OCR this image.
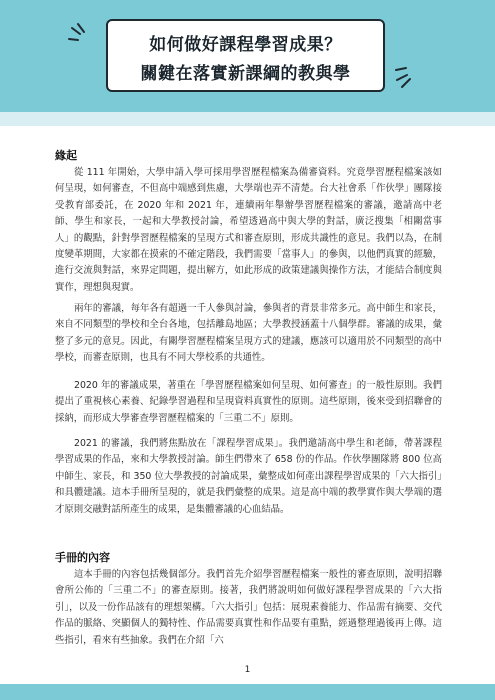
如何做好課程學習成果？
關鍵在落實新課綱的教與學
緣起

從 111 年開始，大學申請入學可採用學習歷程檔案為備審資料。究竟學習歷程檔案該如何呈現，如何審查，不但高中端感到焦慮，大學端也弄不清楚。台大社會系「作伙學」團隊接受教育部委託，在 2020 年和 2021 年，連續兩年舉辦學習歷程檔案的審議，邀請高中老師、學生和家長，一起和大學教授討論，希望透過高中與大學的對話，廣泛搜集「相關當事人」的觀點，針對學習歷程檔案的呈現方式和審查原則，形成共識性的意見。我們以為，在制度變革期間，大家都在摸索的不確定階段，我們需要「當事人」的參與，以他們真實的經驗，進行交流與對話，來界定問題，提出解方，如此形成的政策建議與操作方法，才能結合制度與實作，理想與現實。

兩年的審議，每年各有超過一千人參與討論，參與者的背景非常多元。高中師生和家長，來自不同類型的學校和全台各地，包括離島地區；大學教授涵蓋十八個學群。審議的成果，彙整了多元的意見。因此，有關學習歷程檔案呈現方式的建議，應該可以適用於不同類型的高中學校，而審查原則，也具有不同大學校系的共通性。

2020 年的審議成果，著重在「學習歷程檔案如何呈現、如何審查」的一般性原則。我們提出了重視核心素養、紀錄學習過程和呈現資料真實性的原則。這些原則，後來受到招聯會的採納，而形成大學審查學習歷程檔案的「三重二不」原則。

2021 的審議，我們將焦點放在「課程學習成果」。我們邀請高中學生和老師，帶著課程學習成果的作品，來和大學教授討論。師生們帶來了 658 份的作品。作伙學團隊將 800 位高中師生、家長，和 350 位大學教授的討論成果，彙整成如何產出課程學習成果的「六大指引」和具體建議。這本手冊所呈現的，就是我們彙整的成果。這是高中端的教學實作與大學端的選才原則交融對話所產生的成果，是集體審議的心血結晶。

手冊的內容

這本手冊的內容包括幾個部分。我們首先介紹學習歷程檔案一般性的審查原則，說明招聯會所公佈的「三重二不」的審查原則。接著，我們將說明如何做好課程學習成果的「六大指引」，以及一份作品該有的理想架構。「六大指引」包括：展現素養能力、作品需有摘要、交代作品的脈絡、突顯個人的獨特性、作品需要真實性和作品要有重點，經過整理過後再上傳。這些指引，看來有些抽象。我們在介紹「六

1
